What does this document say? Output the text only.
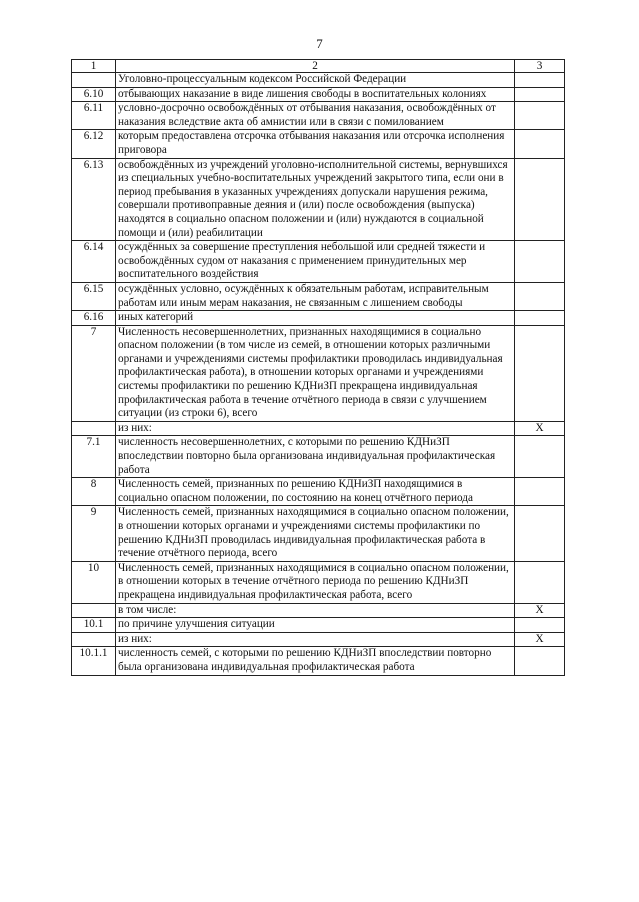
7
1	2	3
	Уголовно-процессуальным кодексом Российской Федерации	
6.10	отбывающих наказание в виде лишения свободы в воспитательных колониях	
6.11	условно-досрочно освобождённых от отбывания наказания, освобождённых от наказания вследствие акта об амнистии или в связи с помилованием	
6.12	которым предоставлена отсрочка отбывания наказания или отсрочка исполнения приговора	
6.13	освобождённых из учреждений уголовно-исполнительной системы, вернувшихся из специальных учебно-воспитательных учреждений закрытого типа, если они в период пребывания в указанных учреждениях допускали нарушения режима, совершали противоправные деяния и (или) после освобождения (выпуска) находятся в социально опасном положении и (или) нуждаются в социальной помощи и (или) реабилитации	
6.14	осуждённых за совершение преступления небольшой или средней тяжести и освобождённых судом от наказания с применением принудительных мер воспитательного воздействия	
6.15	осуждённых условно, осуждённых к обязательным работам, исправительным работам или иным мерам наказания, не связанным с лишением свободы	
6.16	иных категорий	
7	Численность несовершеннолетних, признанных находящимися в социально опасном положении (в том числе из семей, в отношении которых различными органами и учреждениями системы профилактики проводилась индивидуальная профилактическая работа), в отношении которых органами и учреждениями системы профилактики по решению КДНиЗП прекращена индивидуальная профилактическая работа в течение отчётного периода в связи с улучшением ситуации (из строки 6), всего	
	из них:	X
7.1	численность несовершеннолетних, с которыми по решению КДНиЗП впоследствии повторно была организована индивидуальная профилактическая работа	
8	Численность семей, признанных по решению КДНиЗП находящимися в социально опасном положении, по состоянию на конец отчётного периода	
9	Численность семей, признанных находящимися в социально опасном положении, в отношении которых органами и учреждениями системы профилактики по решению КДНиЗП проводилась индивидуальная профилактическая работа в течение отчётного периода, всего	
10	Численность семей, признанных находящимися в социально опасном положении, в отношении которых в течение отчётного периода по решению КДНиЗП прекращена индивидуальная профилактическая работа, всего	
	в том числе:	X
10.1	по причине улучшения ситуации	
	из них:	X
10.1.1	численность семей, с которыми по решению КДНиЗП впоследствии повторно была организована индивидуальная профилактическая работа	
